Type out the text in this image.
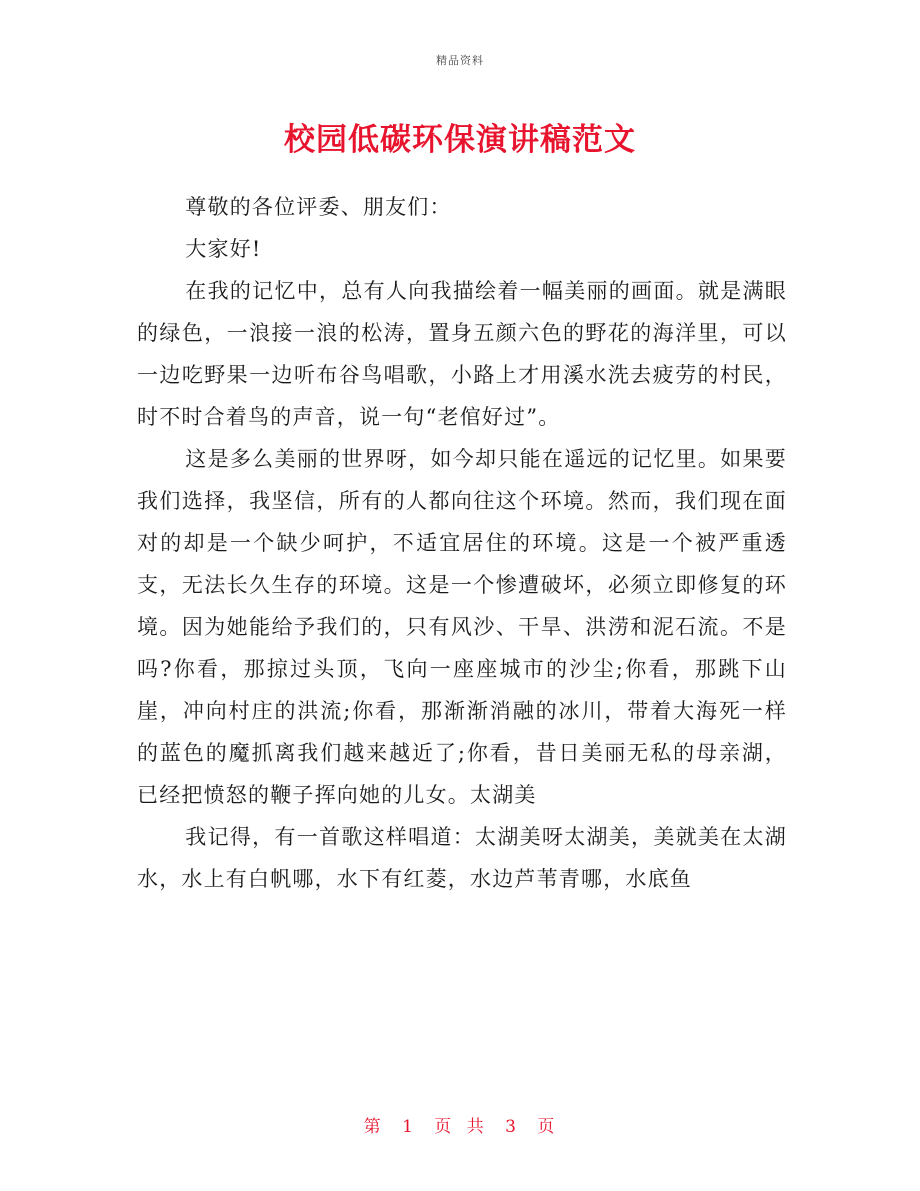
精品资料
校园低碳环保演讲稿范文

尊敬的各位评委、朋友们：

大家好!

在我的记忆中，总有人向我描绘着一幅美丽的画面。就是满眼的绿色，一浪接一浪的松涛，置身五颜六色的野花的海洋里，可以一边吃野果一边听布谷鸟唱歌，小路上才用溪水洗去疲劳的村民，时不时合着鸟的声音，说一句“老倌好过”。

这是多么美丽的世界呀，如今却只能在遥远的记忆里。如果要我们选择，我坚信，所有的人都向往这个环境。然而，我们现在面对的却是一个缺少呵护，不适宜居住的环境。这是一个被严重透支，无法长久生存的环境。这是一个惨遭破坏，必须立即修复的环境。因为她能给予我们的，只有风沙、干旱、洪涝和泥石流。不是吗?你看，那掠过头顶，飞向一座座城市的沙尘;你看，那跳下山崖，冲向村庄的洪流;你看，那渐渐消融的冰川，带着大海死一样的蓝色的魔抓离我们越来越近了;你看，昔日美丽无私的母亲湖，已经把愤怒的鞭子挥向她的儿女。太湖美

我记得，有一首歌这样唱道：太湖美呀太湖美，美就美在太湖水，水上有白帆哪，水下有红菱，水边芦苇青哪，水底鱼

第 1 页 共 3 页
